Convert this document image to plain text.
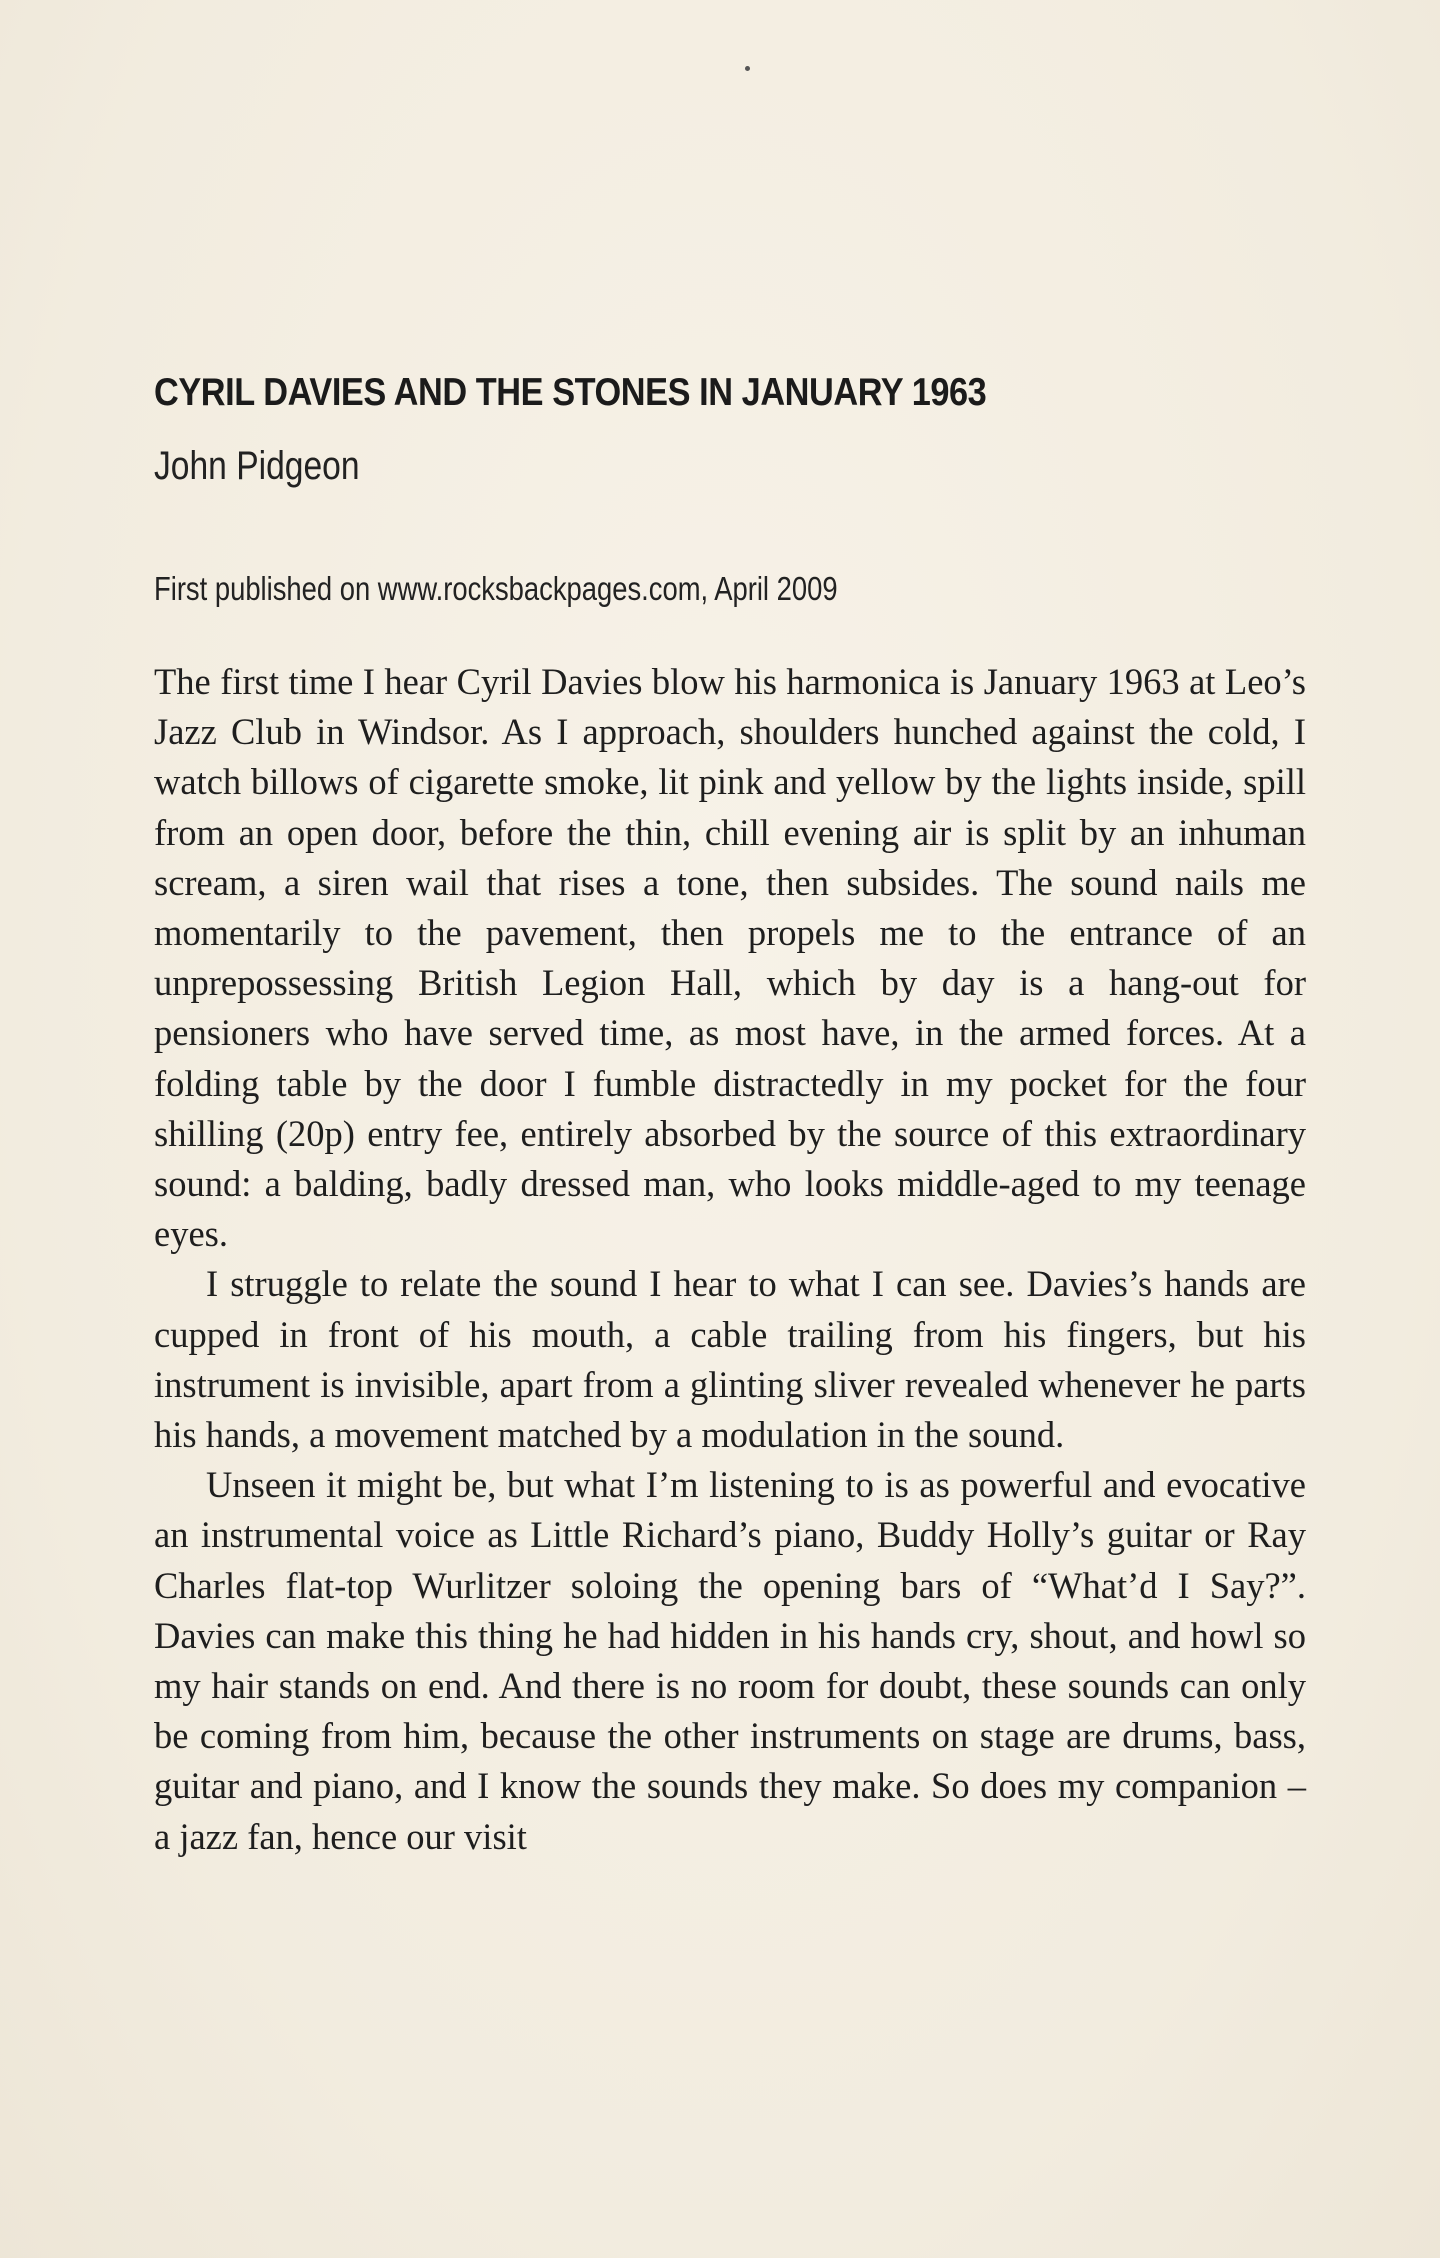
CYRIL DAVIES AND THE STONES IN JANUARY 1963
John Pidgeon
First published on www.rocksbackpages.com, April 2009

The first time I hear Cyril Davies blow his harmonica is January 1963 at Leo’s Jazz Club in Windsor. As I approach, shoulders hunched against the cold, I watch billows of cigarette smoke, lit pink and yellow by the lights inside, spill from an open door, before the thin, chill evening air is split by an inhuman scream, a siren wail that rises a tone, then subsides. The sound nails me momentarily to the pavement, then propels me to the entrance of an unprepossessing British Legion Hall, which by day is a hang-out for pensioners who have served time, as most have, in the armed forces. At a folding table by the door I fumble distractedly in my pocket for the four shilling (20p) entry fee, entirely absorbed by the source of this extraordinary sound: a balding, badly dressed man, who looks middle-aged to my teenage eyes.

I struggle to relate the sound I hear to what I can see. Davies’s hands are cupped in front of his mouth, a cable trailing from his fingers, but his instrument is invisible, apart from a glinting sliver revealed whenever he parts his hands, a movement matched by a modulation in the sound.

Unseen it might be, but what I’m listening to is as powerful and evocative an instrumental voice as Little Richard’s piano, Buddy Holly’s guitar or Ray Charles flat-top Wurlitzer soloing the opening bars of “What’d I Say?”. Davies can make this thing he had hidden in his hands cry, shout, and howl so my hair stands on end. And there is no room for doubt, these sounds can only be coming from him, because the other instruments on stage are drums, bass, guitar and piano, and I know the sounds they make. So does my companion – a jazz fan, hence our visit
